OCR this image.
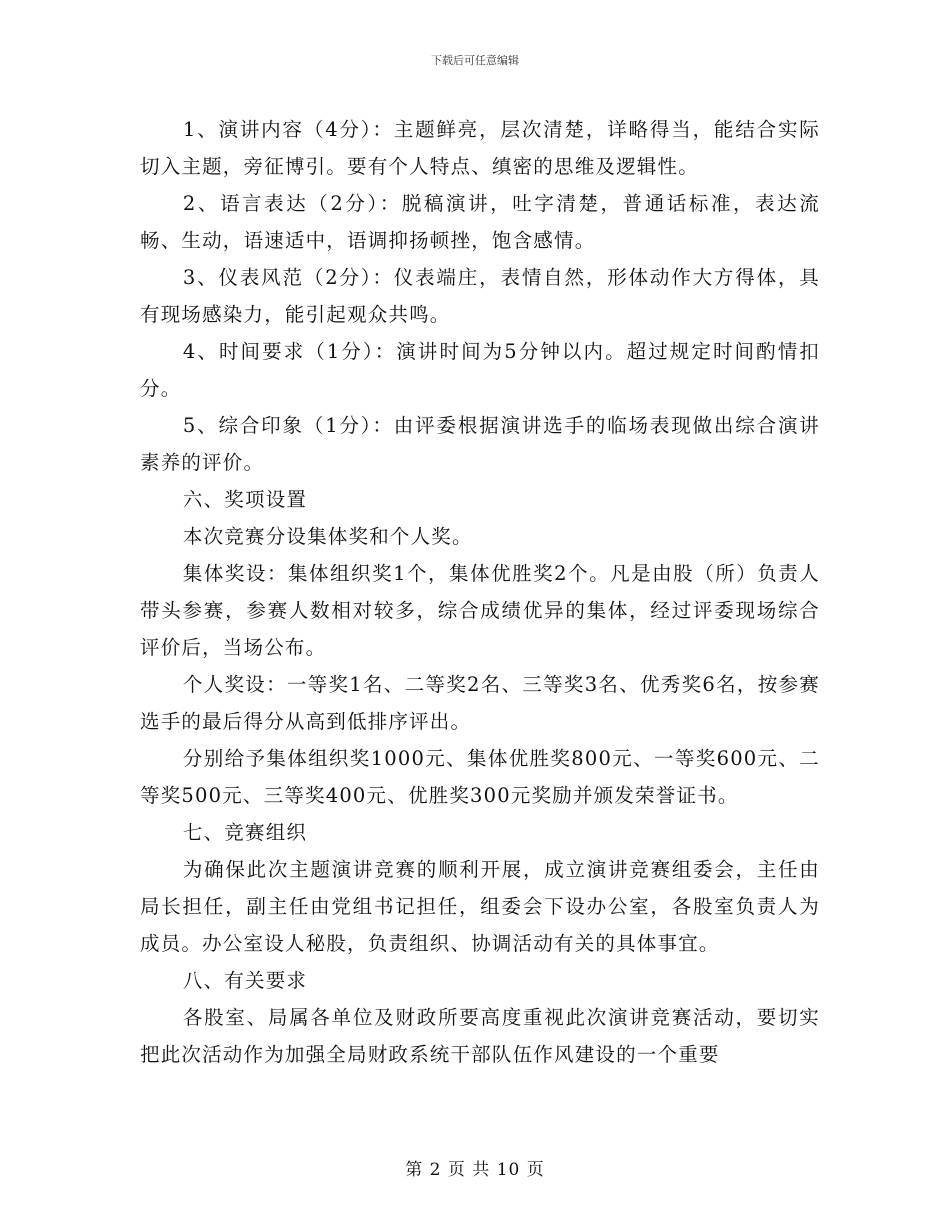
下载后可任意编辑

1、演讲内容（4分）：主题鲜亮，层次清楚，详略得当，能结合实际切入主题，旁征博引。要有个人特点、缜密的思维及逻辑性。

2、语言表达（2分）：脱稿演讲，吐字清楚，普通话标准，表达流畅、生动，语速适中，语调抑扬顿挫，饱含感情。

3、仪表风范（2分）：仪表端庄，表情自然，形体动作大方得体，具有现场感染力，能引起观众共鸣。

4、时间要求（1分）：演讲时间为5分钟以内。超过规定时间酌情扣分。

5、综合印象（1分）：由评委根据演讲选手的临场表现做出综合演讲素养的评价。

六、奖项设置

本次竞赛分设集体奖和个人奖。

集体奖设：集体组织奖1个，集体优胜奖2个。凡是由股（所）负责人带头参赛，参赛人数相对较多，综合成绩优异的集体，经过评委现场综合评价后，当场公布。

个人奖设：一等奖1名、二等奖2名、三等奖3名、优秀奖6名，按参赛选手的最后得分从高到低排序评出。

分别给予集体组织奖1000元、集体优胜奖800元、一等奖600元、二等奖500元、三等奖400元、优胜奖300元奖励并颁发荣誉证书。

七、竞赛组织

为确保此次主题演讲竞赛的顺利开展，成立演讲竞赛组委会，主任由局长担任，副主任由党组书记担任，组委会下设办公室，各股室负责人为成员。办公室设人秘股，负责组织、协调活动有关的具体事宜。

八、有关要求

各股室、局属各单位及财政所要高度重视此次演讲竞赛活动，要切实把此次活动作为加强全局财政系统干部队伍作风建设的一个重要

第 2 页 共 10 页
